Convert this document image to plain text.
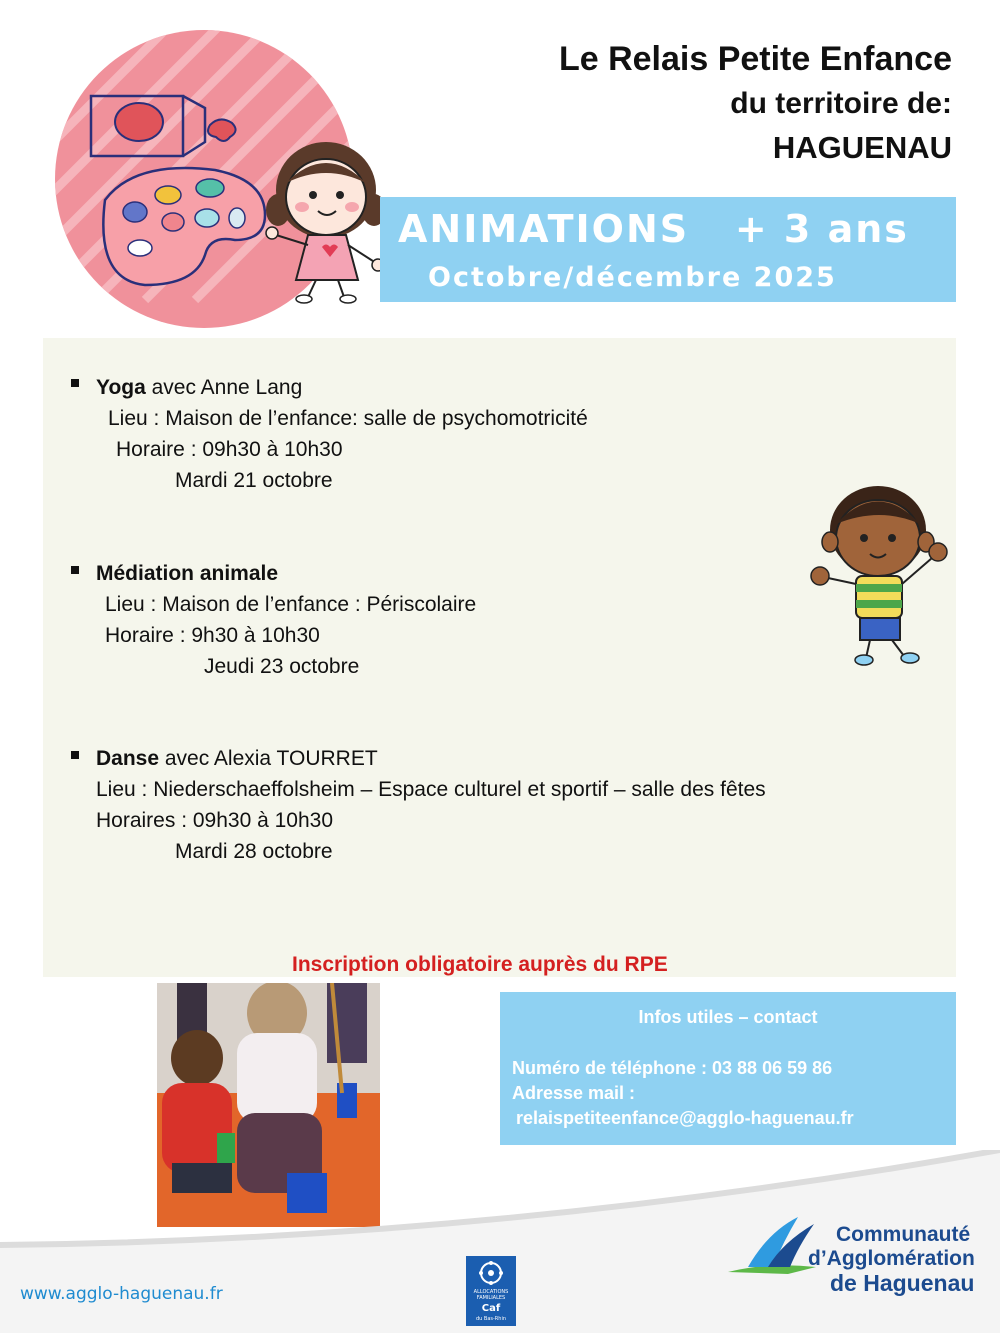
Le Relais Petite Enfance
du territoire de:
HAGUENAU
ANIMATIONS   + 3 ans
Octobre/décembre 2025
Yoga avec Anne Lang
Lieu : Maison de l’enfance: salle de psychomotricité
Horaire : 09h30 à 10h30
Mardi 21 octobre
Médiation animale
Lieu : Maison de l’enfance : Périscolaire
Horaire : 9h30 à 10h30
Jeudi 23 octobre
Danse avec Alexia TOURRET
Lieu : Niederschaeffolsheim – Espace culturel et sportif – salle des fêtes
Horaires : 09h30 à 10h30
Mardi 28 octobre
Inscription obligatoire auprès du RPE
Infos utiles – contact
Numéro de téléphone : 03 88 06 59 86
Adresse mail :
relaispetiteenfance@agglo-haguenau.fr
www.agglo-haguenau.fr	ALLOCATIONS
FAMILIALES
Caf
du Bas-Rhin
Communauté
d’Agglomération
de Haguenau
